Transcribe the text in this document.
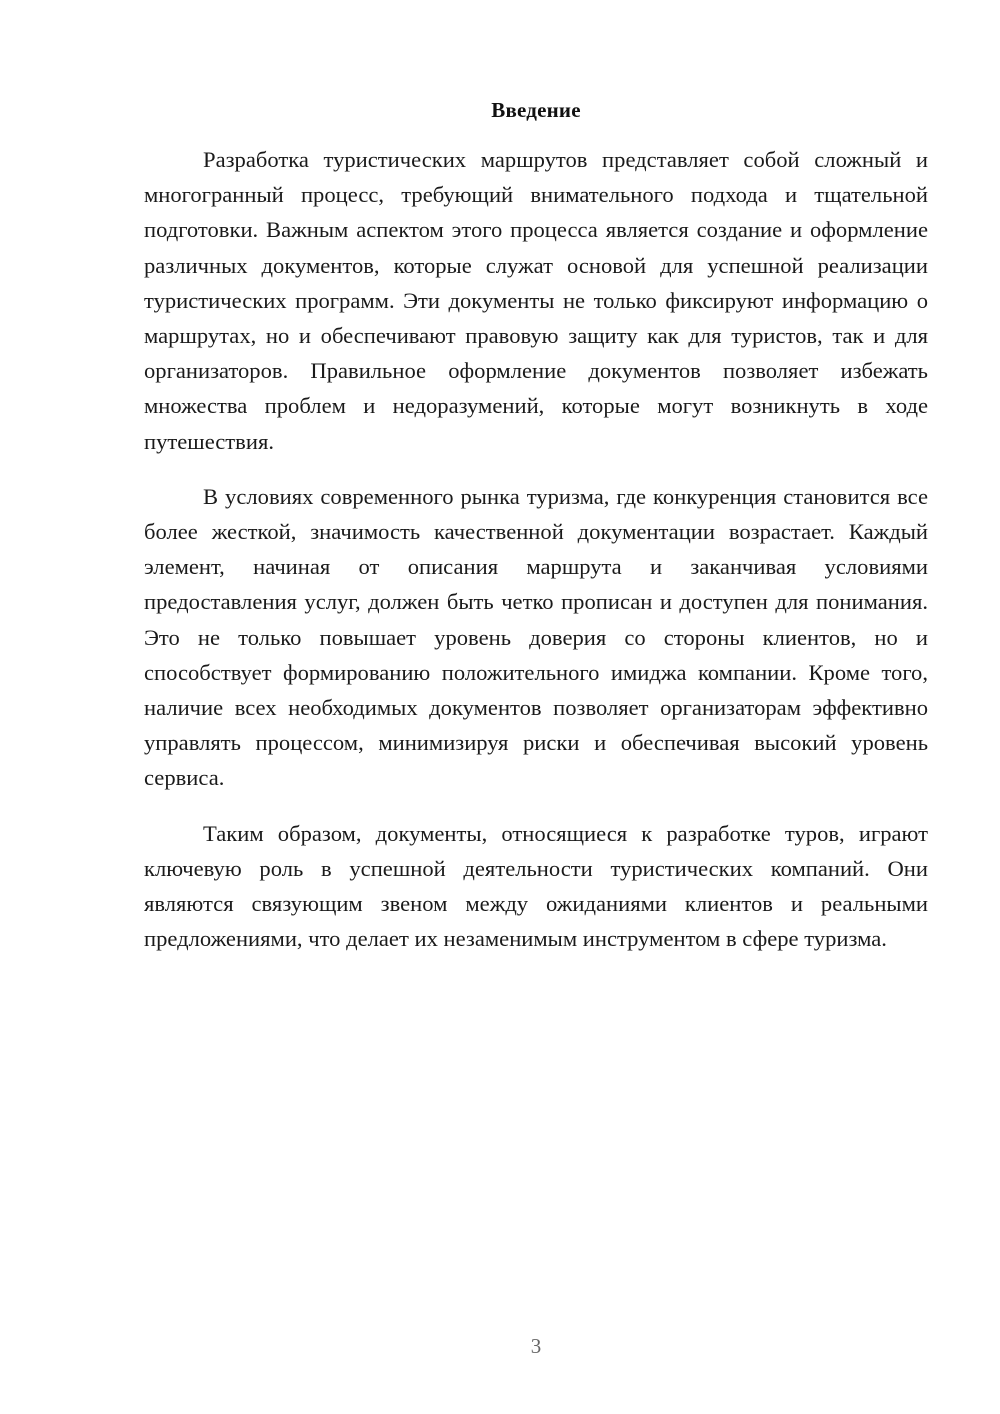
Введение

Разработка туристических маршрутов представляет собой сложный и многогранный процесс, требующий внимательного подхода и тщательной подготовки. Важным аспектом этого процесса является создание и оформление различных документов, которые служат основой для успешной реализации туристических программ. Эти документы не только фиксируют информацию о маршрутах, но и обеспечивают правовую защиту как для туристов, так и для организаторов. Правильное оформление документов позволяет избежать множества проблем и недоразумений, которые могут возникнуть в ходе путешествия.

В условиях современного рынка туризма, где конкуренция становится все более жесткой, значимость качественной документации возрастает. Каждый элемент, начиная от описания маршрута и заканчивая условиями предоставления услуг, должен быть четко прописан и доступен для понимания. Это не только повышает уровень доверия со стороны клиентов, но и способствует формированию положительного имиджа компании. Кроме того, наличие всех необходимых документов позволяет организаторам эффективно управлять процессом, минимизируя риски и обеспечивая высокий уровень сервиса.

Таким образом, документы, относящиеся к разработке туров, играют ключевую роль в успешной деятельности туристических компаний. Они являются связующим звеном между ожиданиями клиентов и реальными предложениями, что делает их незаменимым инструментом в сфере туризма.

3
